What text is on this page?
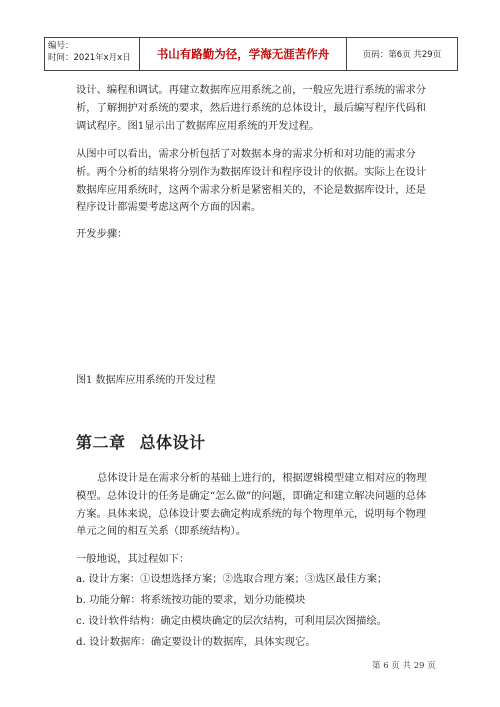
编号：
时间：2021年x月x日	书山有路勤为径，学海无涯苦作舟	页码：第6页 共29页

设计、编程和调试。再建立数据库应用系统之前，一般应先进行系统的需求分析，了解拥护对系统的要求，然后进行系统的总体设计，最后编写程序代码和调试程序。图1显示出了数据库应用系统的开发过程。

从图中可以看出，需求分析包括了对数据本身的需求分析和对功能的需求分析。两个分析的结果将分别作为数据库设计和程序设计的依据。实际上在设计数据库应用系统时，这两个需求分析是紧密相关的，不论是数据库设计，还是程序设计都需要考虑这两个方面的因素。

开发步骤：
图1 数据库应用系统的开发过程
第二章 总体设计

总体设计是在需求分析的基础上进行的，根据逻辑模型建立相对应的物理模型。总体设计的任务是确定“怎么做”的问题，即确定和建立解决问题的总体方案。具体来说，总体设计要去确定构成系统的每个物理单元，说明每个物理单元之间的相互关系（即系统结构）。

一般地说，其过程如下：
a. 设计方案：①设想选择方案；②选取合理方案；③选区最佳方案；
b. 功能分解：将系统按功能的要求，划分功能模块
c. 设计软件结构：确定由模块确定的层次结构，可利用层次图描绘。
d. 设计数据库：确定要设计的数据库，具体实现它。
第 6 页 共 29 页
